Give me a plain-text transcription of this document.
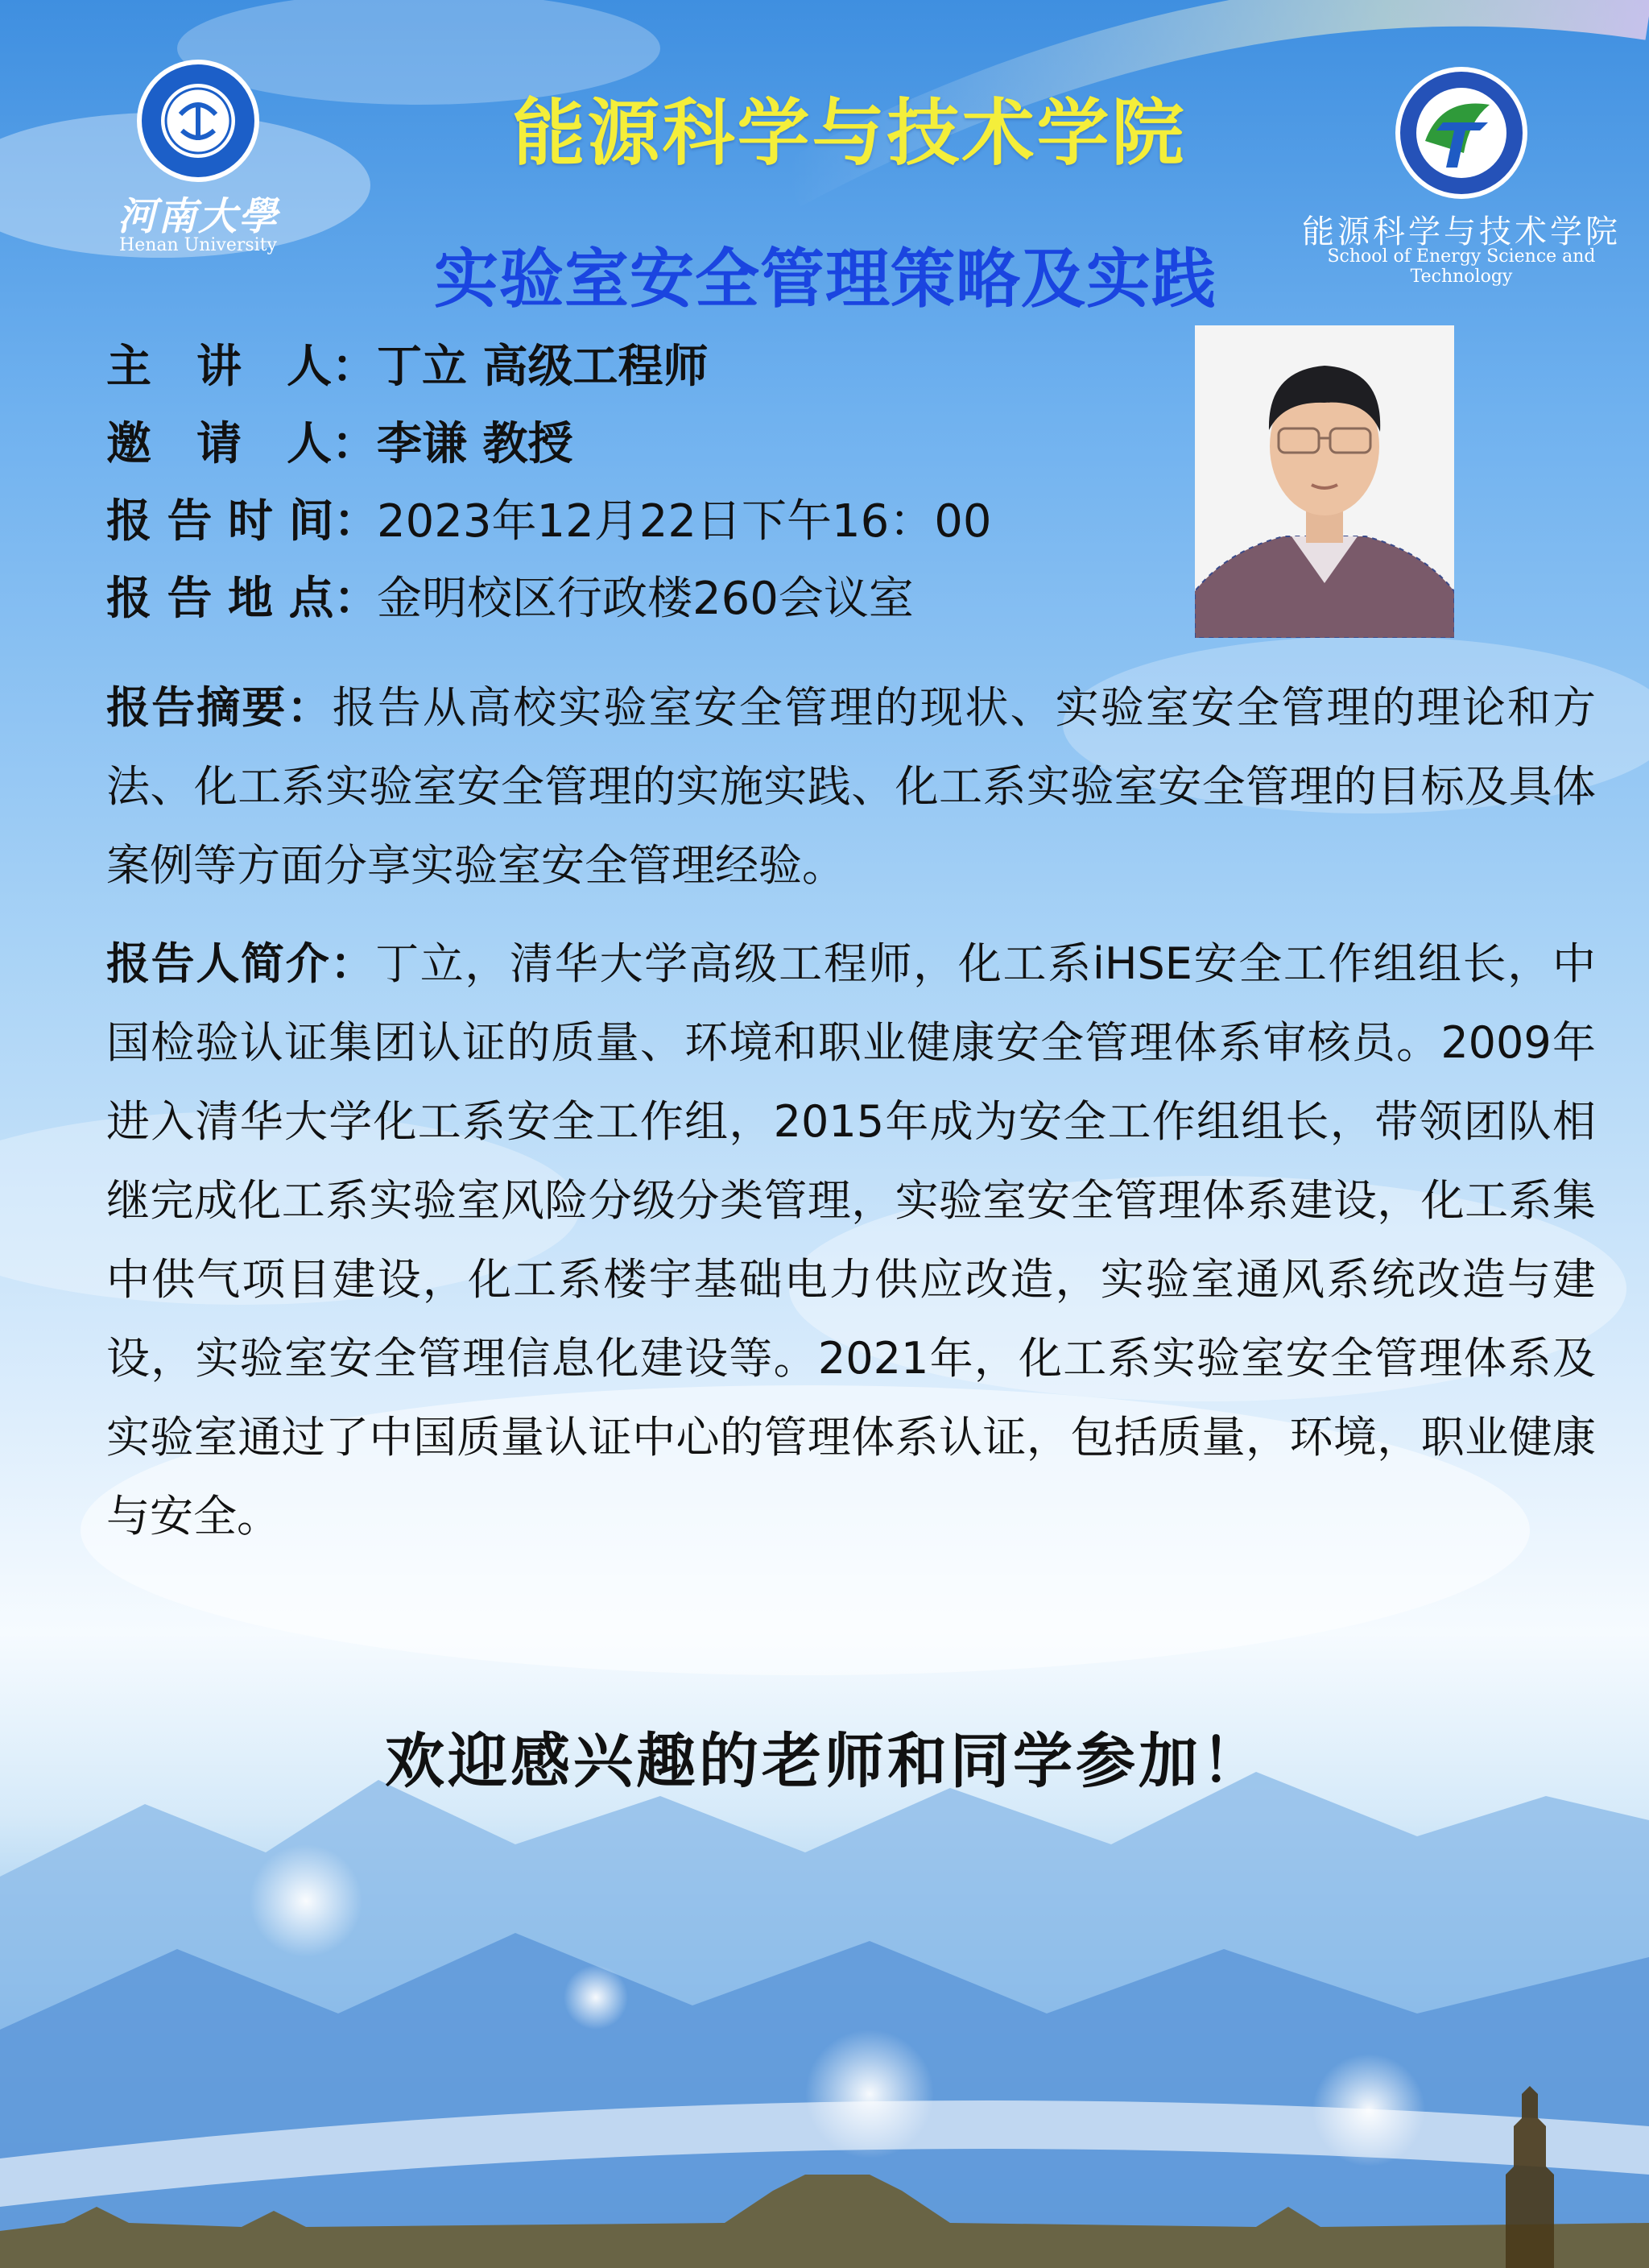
河南大學
Henan University	能源科学与技术学院
School of Energy Science and Technology
能源科学与技术学院
实验室安全管理策略及实践
主　讲　人：丁立 高级工程师
邀　请　人：李谦 教授
报 告 时 间：2023年12月22日下午16：00
报 告 地 点：金明校区行政楼260会议室
报告摘要：报告从高校实验室安全管理的现状、实验室安全管理的理论和方法、化工系实验室安全管理的实施实践、化工系实验室安全管理的目标及具体案例等方面分享实验室安全管理经验。
报告人简介：丁立，清华大学高级工程师，化工系iHSE安全工作组组长，中国检验认证集团认证的质量、环境和职业健康安全管理体系审核员。2009年进入清华大学化工系安全工作组，2015年成为安全工作组组长，带领团队相继完成化工系实验室风险分级分类管理，实验室安全管理体系建设，化工系集中供气项目建设，化工系楼宇基础电力供应改造，实验室通风系统改造与建设，实验室安全管理信息化建设等。2021年，化工系实验室安全管理体系及实验室通过了中国质量认证中心的管理体系认证，包括质量，环境，职业健康与安全。
欢迎感兴趣的老师和同学参加！
